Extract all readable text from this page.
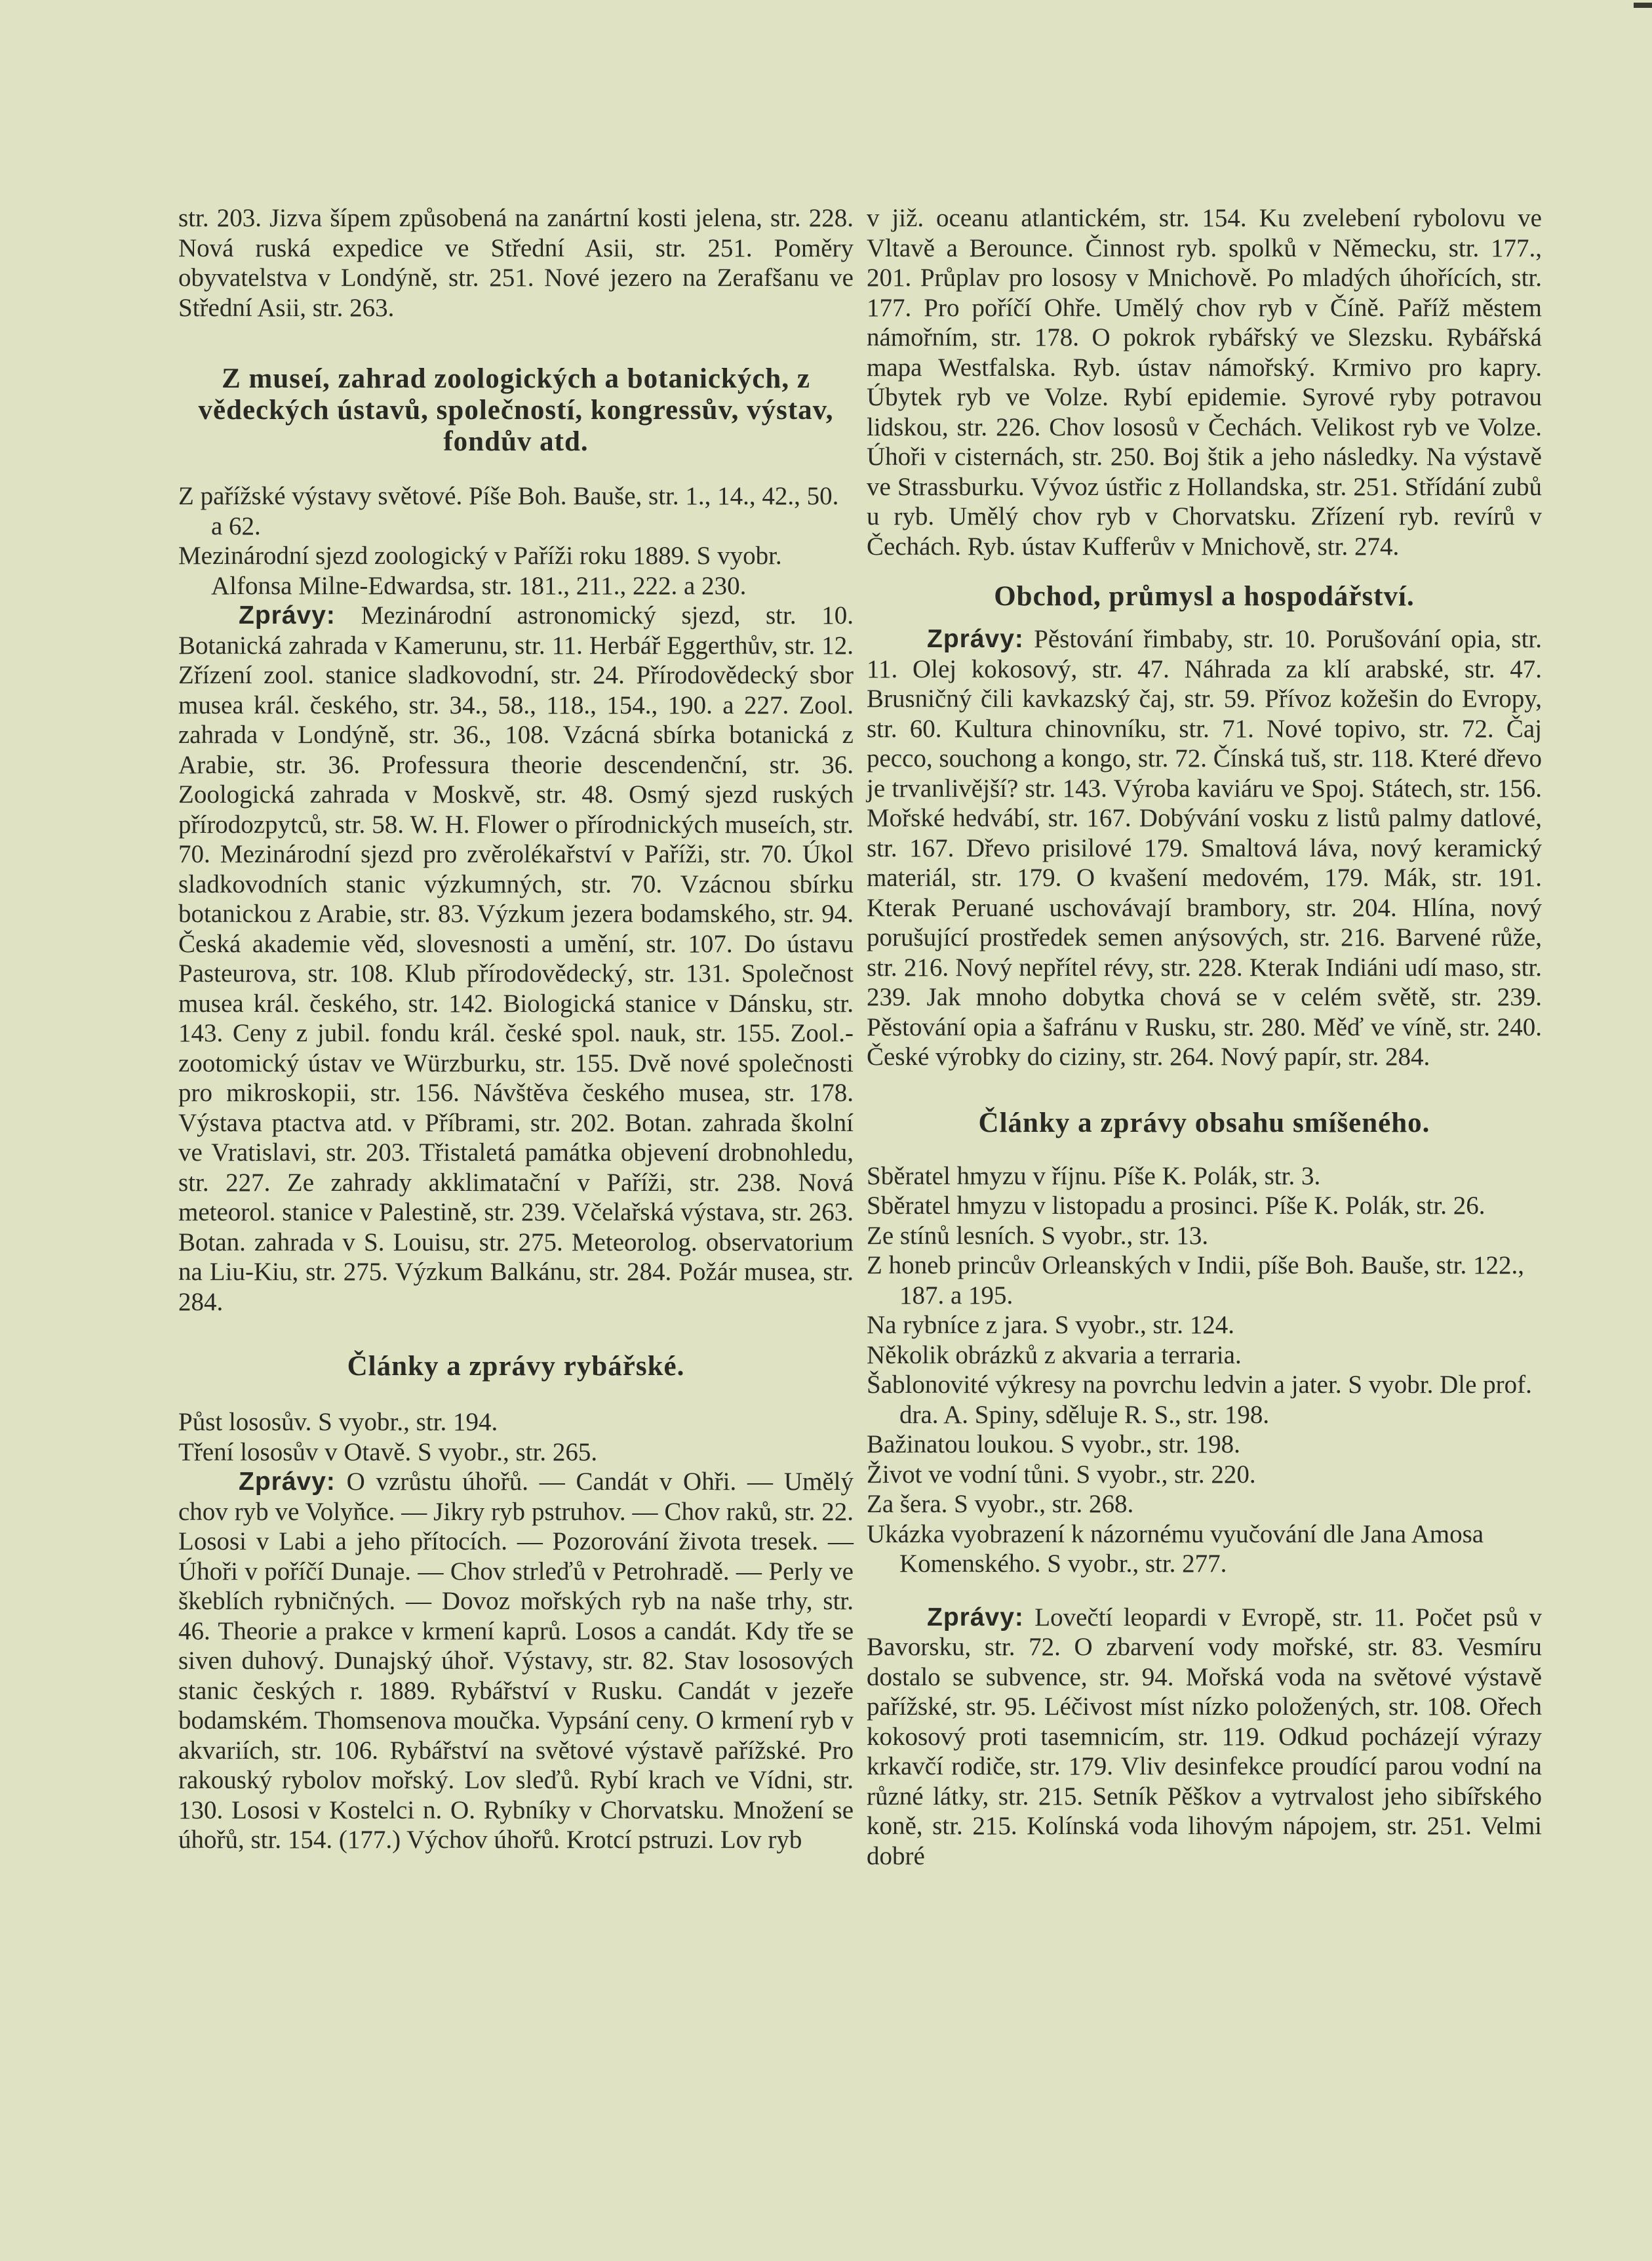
str. 203. Jizva šípem způsobená na zanártní kosti jelena, str. 228. Nová ruská expedice ve Střední Asii, str. 251. Poměry obyvatelstva v Londýně, str. 251. Nové jezero na Zerafšanu ve Střední Asii, str. 263.

Z museí, zahrad zoologických a botanických, z vědeckých ústavů, společností, kongressův, výstav, fondův atd.

Z pařížské výstavy světové. Píše Boh. Bauše, str. 1., 14., 42., 50. a 62.

Mezinárodní sjezd zoologický v Paříži roku 1889. S vyobr. Alfonsa Milne-Edwardsa, str. 181., 211., 222. a 230.

Zprávy: Mezinárodní astronomický sjezd, str. 10. Botanická zahrada v Kamerunu, str. 11. Herbář Eggerthův, str. 12. Zřízení zool. stanice sladkovodní, str. 24. Přírodovědecký sbor musea král. českého, str. 34., 58., 118., 154., 190. a 227. Zool. zahrada v Londýně, str. 36., 108. Vzácná sbírka botanická z Arabie, str. 36. Professura theorie descendenční, str. 36. Zoologická zahrada v Moskvě, str. 48. Osmý sjezd ruských přírodozpytců, str. 58. W. H. Flower o přírodnických museích, str. 70. Mezinárodní sjezd pro zvěrolékařství v Paříži, str. 70. Úkol sladkovodních stanic výzkumných, str. 70. Vzácnou sbírku botanickou z Arabie, str. 83. Výzkum jezera bodamského, str. 94. Česká akademie věd, slovesnosti a umění, str. 107. Do ústavu Pasteurova, str. 108. Klub přírodovědecký, str. 131. Společnost musea král. českého, str. 142. Biologická stanice v Dánsku, str. 143. Ceny z jubil. fondu král. české spol. nauk, str. 155. Zool.-zootomický ústav ve Würzburku, str. 155. Dvě nové společnosti pro mikroskopii, str. 156. Návštěva českého musea, str. 178. Výstava ptactva atd. v Příbrami, str. 202. Botan. zahrada školní ve Vratislavi, str. 203. Třistaletá památka objevení drobnohledu, str. 227. Ze zahrady akklimatační v Paříži, str. 238. Nová meteorol. stanice v Palestině, str. 239. Včelařská výstava, str. 263. Botan. zahrada v S. Louisu, str. 275. Meteorolog. observatorium na Liu-Kiu, str. 275. Výzkum Balkánu, str. 284. Požár musea, str. 284.

Články a zprávy rybářské.

Půst lososův. S vyobr., str. 194.

Tření lososův v Otavě. S vyobr., str. 265.

Zprávy: O vzrůstu úhořů. — Candát v Ohři. — Umělý chov ryb ve Volyňce. — Jikry ryb pstruhov. — Chov raků, str. 22. Lososi v Labi a jeho přítocích. — Pozorování života tresek. — Úhoři v poříčí Dunaje. — Chov strleďů v Petrohradě. — Perly ve škeblích rybničných. — Dovoz mořských ryb na naše trhy, str. 46. Theorie a prakce v krmení kaprů. Losos a candát. Kdy tře se siven duhový. Dunajský úhoř. Výstavy, str. 82. Stav lososových stanic českých r. 1889. Rybářství v Rusku. Candát v jezeře bodamském. Thomsenova moučka. Vypsání ceny. O krmení ryb v akvariích, str. 106. Rybářství na světové výstavě pařížské. Pro rakouský rybolov mořský. Lov sleďů. Rybí krach ve Vídni, str. 130. Lososi v Kostelci n. O. Rybníky v Chorvatsku. Množení se úhořů, str. 154. (177.) Výchov úhořů. Krotcí pstruzi. Lov ryb

v již. oceanu atlantickém, str. 154. Ku zvelebení rybolovu ve Vltavě a Berounce. Činnost ryb. spolků v Německu, str. 177., 201. Průplav pro lososy v Mnichově. Po mladých úhořících, str. 177. Pro poříčí Ohře. Umělý chov ryb v Číně. Paříž městem námořním, str. 178. O pokrok rybářský ve Slezsku. Rybářská mapa Westfalska. Ryb. ústav námořský. Krmivo pro kapry. Úbytek ryb ve Volze. Rybí epidemie. Syrové ryby potravou lidskou, str. 226. Chov lososů v Čechách. Velikost ryb ve Volze. Úhoři v cisternách, str. 250. Boj štik a jeho následky. Na výstavě ve Strassburku. Vývoz ústřic z Hollandska, str. 251. Střídání zubů u ryb. Umělý chov ryb v Chorvatsku. Zřízení ryb. revírů v Čechách. Ryb. ústav Kufferův v Mnichově, str. 274.

Obchod, průmysl a hospodářství.

Zprávy: Pěstování řimbaby, str. 10. Porušování opia, str. 11. Olej kokosový, str. 47. Náhrada za klí arabské, str. 47. Brusničný čili kavkazský čaj, str. 59. Přívoz kožešin do Evropy, str. 60. Kultura chinovníku, str. 71. Nové topivo, str. 72. Čaj pecco, souchong a kongo, str. 72. Čínská tuš, str. 118. Které dřevo je trvanlivější? str. 143. Výroba kaviáru ve Spoj. Státech, str. 156. Mořské hedvábí, str. 167. Dobývání vosku z listů palmy datlové, str. 167. Dřevo prisilové 179. Smaltová láva, nový keramický materiál, str. 179. O kvašení medovém, 179. Mák, str. 191. Kterak Peruané uschovávají brambory, str. 204. Hlína, nový porušující prostředek semen anýsových, str. 216. Barvené růže, str. 216. Nový nepřítel révy, str. 228. Kterak Indiáni udí maso, str. 239. Jak mnoho dobytka chová se v celém světě, str. 239. Pěstování opia a šafránu v Rusku, str. 280. Měď ve víně, str. 240. České výrobky do ciziny, str. 264. Nový papír, str. 284.

Články a zprávy obsahu smíšeného.

Sběratel hmyzu v říjnu. Píše K. Polák, str. 3.

Sběratel hmyzu v listopadu a prosinci. Píše K. Polák, str. 26.

Ze stínů lesních. S vyobr., str. 13.

Z honeb princův Orleanských v Indii, píše Boh. Bauše, str. 122., 187. a 195.

Na rybníce z jara. S vyobr., str. 124.

Několik obrázků z akvaria a terraria.

Šablonovité výkresy na povrchu ledvin a jater. S vyobr. Dle prof. dra. A. Spiny, sděluje R. S., str. 198.

Bažinatou loukou. S vyobr., str. 198.

Život ve vodní tůni. S vyobr., str. 220.

Za šera. S vyobr., str. 268.

Ukázka vyobrazení k názornému vyučování dle Jana Amosa Komenského. S vyobr., str. 277.

Zprávy: Lovečtí leopardi v Evropě, str. 11. Počet psů v Bavorsku, str. 72. O zbarvení vody mořské, str. 83. Vesmíru dostalo se subvence, str. 94. Mořská voda na světové výstavě pařížské, str. 95. Léčivost míst nízko položených, str. 108. Ořech kokosový proti tasemnicím, str. 119. Odkud pocházejí výrazy krkavčí rodiče, str. 179. Vliv desinfekce proudící parou vodní na různé látky, str. 215. Setník Pěškov a vytrvalost jeho sibířského koně, str. 215. Kolínská voda lihovým nápojem, str. 251. Velmi dobré
